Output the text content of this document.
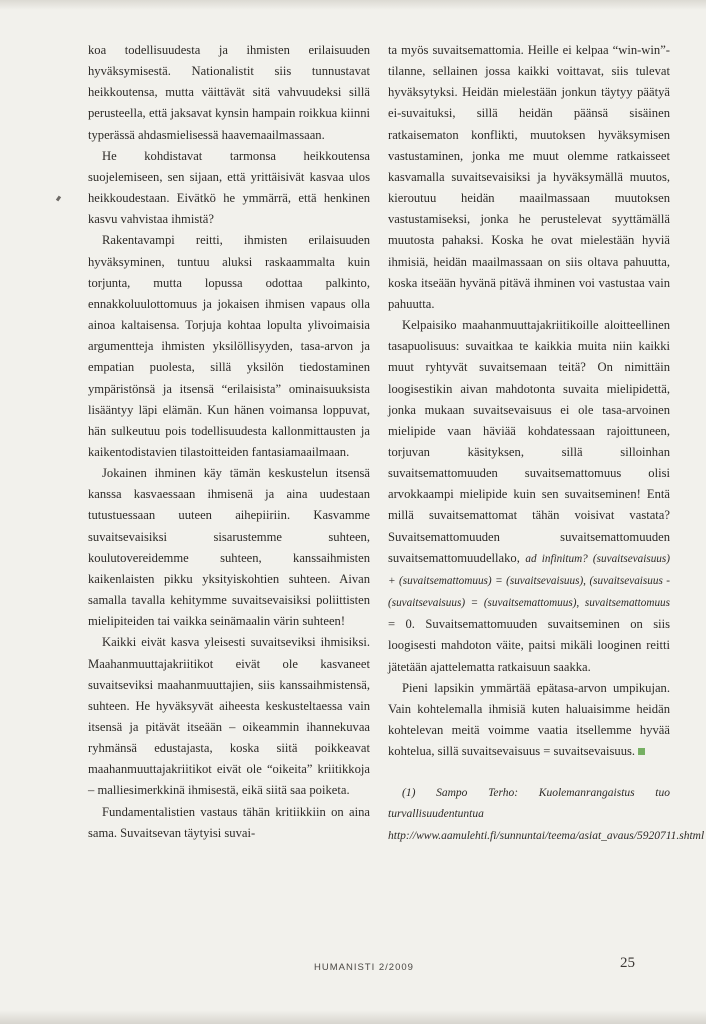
koa todellisuudesta ja ihmisten erilaisuuden hyväksymisestä. Nationalistit siis tunnustavat heikkoutensa, mutta väittävät sitä vahvuudeksi sillä perusteella, että jaksavat kynsin hampain roikkua kiinni typerässä ahdasmielisessä haavemaailmassaan.

He kohdistavat tarmonsa heikkoutensa suojelemiseen, sen sijaan, että yrittäisivät kasvaa ulos heikkoudestaan. Eivätkö he ymmärrä, että henkinen kasvu vahvistaa ihmistä?

Rakentavampi reitti, ihmisten erilaisuuden hyväksyminen, tuntuu aluksi raskaammalta kuin torjunta, mutta lopussa odottaa palkinto, ennakkoluulottomuus ja jokaisen ihmisen vapaus olla ainoa kaltaisensa. Torjuja kohtaa lopulta ylivoimaisia argumentteja ihmisten yksilöllisyyden, tasa-arvon ja empatian puolesta, sillä yksilön tiedostaminen ympäristönsä ja itsensä “erilaisista” ominaisuuksista lisääntyy läpi elämän. Kun hänen voimansa loppuvat, hän sulkeutuu pois todellisuudesta kallonmittausten ja kaikentodistavien tilastoitteiden fantasiamaailmaan.

Jokainen ihminen käy tämän keskustelun itsensä kanssa kasvaessaan ihmisenä ja aina uudestaan tutustuessaan uuteen aihepiiriin. Kasvamme suvaitsevaisiksi sisarustemme suhteen, koulutovereidemme suhteen, kanssaihmisten kaikenlaisten pikku yksityiskohtien suhteen. Aivan samalla tavalla kehitymme suvaitsevaisiksi poliittisten mielipiteiden tai vaikka seinämaalin värin suhteen!

Kaikki eivät kasva yleisesti suvaitseviksi ihmisiksi. Maahanmuuttajakriitikot eivät ole kasvaneet suvaitseviksi maahanmuuttajien, siis kanssaihmistensä, suhteen. He hyväksyvät aiheesta keskusteltaessa vain itsensä ja pitävät itseään – oikeammin ihannekuvaa ryhmänsä edustajasta, koska siitä poikkeavat maahanmuuttajakriitikot eivät ole “oikeita” kriitikkoja – malliesimerkkinä ihmisestä, eikä siitä saa poiketa.

Fundamentalistien vastaus tähän kritiikkiin on aina sama. Suvaitsevan täytyisi suvai-

ta myös suvaitsemattomia. Heille ei kelpaa “win-win”-tilanne, sellainen jossa kaikki voittavat, siis tulevat hyväksytyksi. Heidän mielestään jonkun täytyy päätyä ei-suvaituksi, sillä heidän päänsä sisäinen ratkaisematon konflikti, muutoksen hyväksymisen vastustaminen, jonka me muut olemme ratkaisseet kasvamalla suvaitsevaisiksi ja hyväksymällä muutos, kieroutuu heidän maailmassaan muutoksen vastustamiseksi, jonka he perustelevat syyttämällä muutosta pahaksi. Koska he ovat mielestään hyviä ihmisiä, heidän maailmassaan on siis oltava pahuutta, koska itseään hyvänä pitävä ihminen voi vastustaa vain pahuutta.

Kelpaisiko maahanmuuttajakriitikoille aloitteellinen tasapuolisuus: suvaitkaa te kaikkia muita niin kaikki muut ryhtyvät suvaitsemaan teitä? On nimittäin loogisestikin aivan mahdotonta suvaita mielipidettä, jonka mukaan suvaitsevaisuus ei ole tasa-arvoinen mielipide vaan häviää kohdatessaan rajoittuneen, torjuvan käsityksen, sillä silloinhan suvaitsemattomuuden suvaitsemattomuus olisi arvokkaampi mielipide kuin sen suvaitseminen! Entä millä suvaitsemattomat tähän voisivat vastata? Suvaitsemattomuuden suvaitsemattomuuden suvaitsemattomuudellako, ad infinitum? (suvaitsevaisuus) + (suvaitsemattomuus) = (suvaitsevaisuus), (suvaitsevaisuus - (suvaitsevaisuus) = (suvaitsemattomuus), suvaitsemattomuus = 0. Suvaitsemattomuuden suvaitseminen on siis loogisesti mahdoton väite, paitsi mikäli looginen reitti jätetään ajattelematta ratkaisuun saakka.

Pieni lapsikin ymmärtää epätasa-arvon umpikujan. Vain kohtelemalla ihmisiä kuten haluaisimme heidän kohtelevan meitä voimme vaatia itsellemme hyvää kohtelua, sillä suvaitsevaisuus = suvaitsevaisuus.

(1) Sampo Terho: Kuolemanrangaistus tuo turvallisuudentuntua http://www.aamulehti.fi/sunnuntai/teema/asiat_avaus/5920711.shtml

HUMANISTI 2/2009	25
